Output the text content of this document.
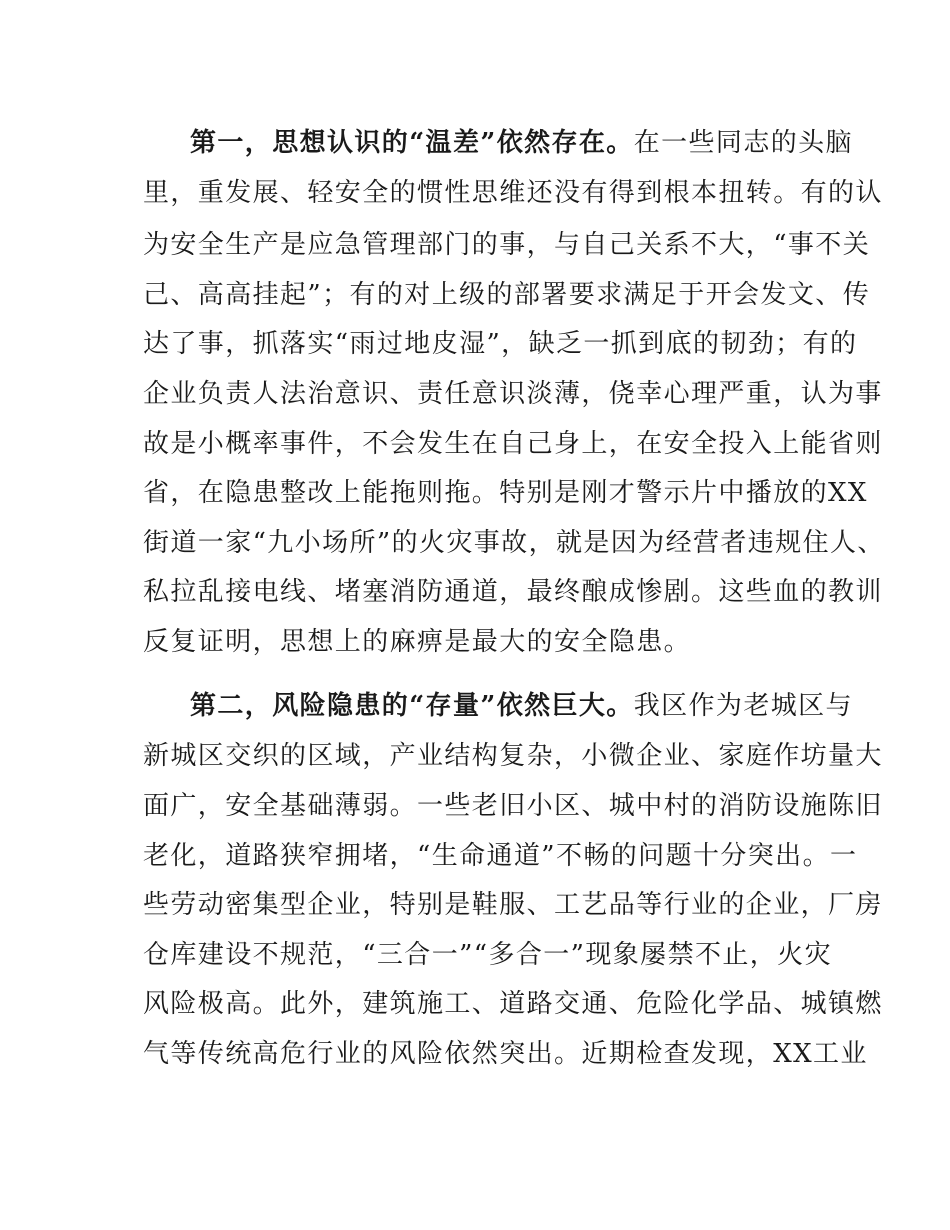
第一，思想认识的“温差”依然存在。在一些同志的头脑
里，重发展、轻安全的惯性思维还没有得到根本扭转。有的认
为安全生产是应急管理部门的事，与自己关系不大，“事不关
己、高高挂起”；有的对上级的部署要求满足于开会发文、传
达了事，抓落实“雨过地皮湿”，缺乏一抓到底的韧劲；有的
企业负责人法治意识、责任意识淡薄，侥幸心理严重，认为事
故是小概率事件，不会发生在自己身上，在安全投入上能省则
省，在隐患整改上能拖则拖。特别是刚才警示片中播放的XX
街道一家“九小场所”的火灾事故，就是因为经营者违规住人、
私拉乱接电线、堵塞消防通道，最终酿成惨剧。这些血的教训
反复证明，思想上的麻痹是最大的安全隐患。
第二，风险隐患的“存量”依然巨大。我区作为老城区与
新城区交织的区域，产业结构复杂，小微企业、家庭作坊量大
面广，安全基础薄弱。一些老旧小区、城中村的消防设施陈旧
老化，道路狭窄拥堵，“生命通道”不畅的问题十分突出。一
些劳动密集型企业，特别是鞋服、工艺品等行业的企业，厂房
仓库建设不规范，“三合一”“多合一”现象屡禁不止，火灾
风险极高。此外，建筑施工、道路交通、危险化学品、城镇燃
气等传统高危行业的风险依然突出。近期检查发现，XX工业
